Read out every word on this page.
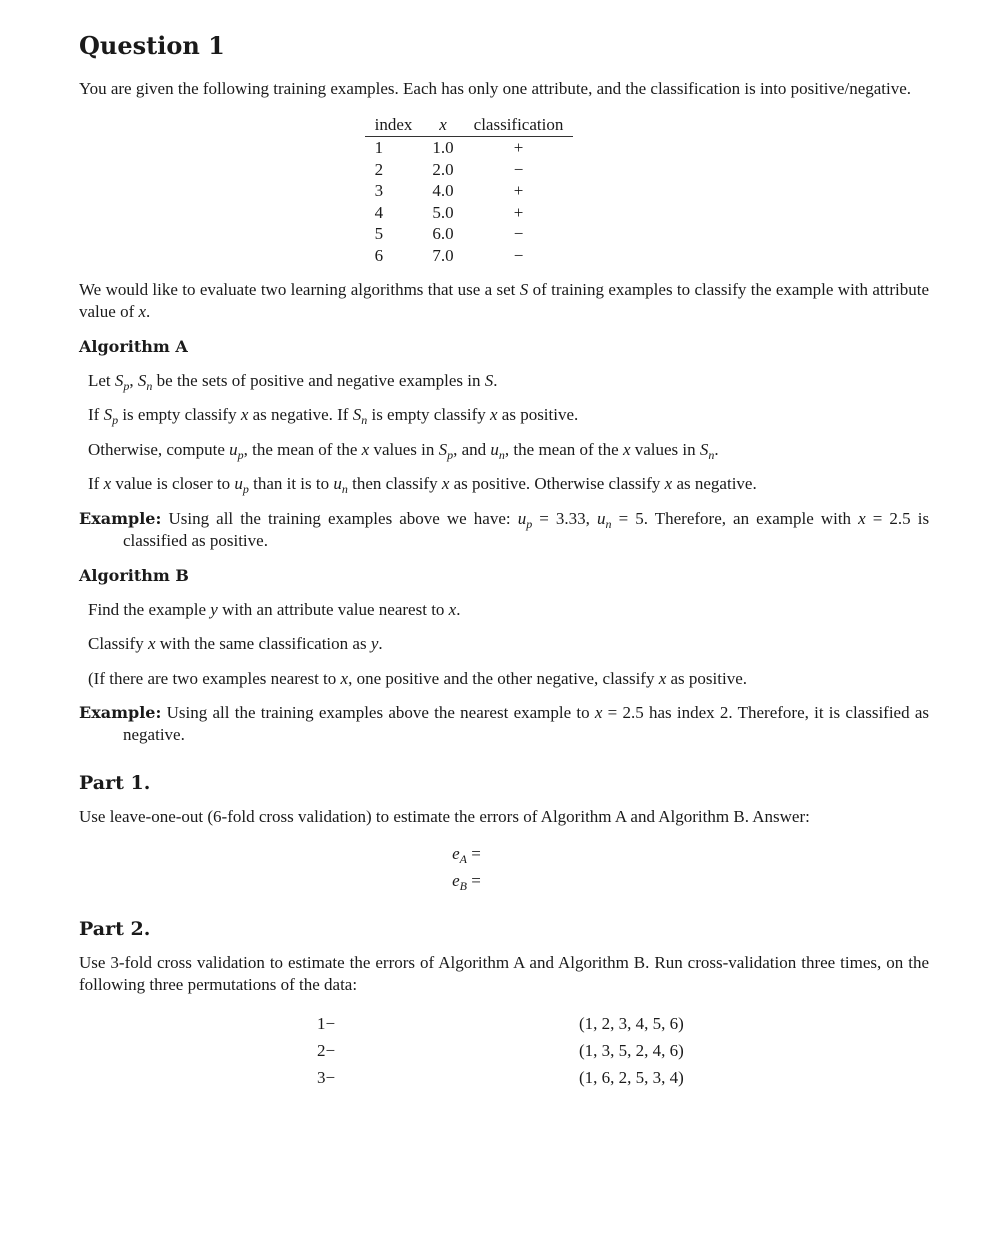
Question 1

You are given the following training examples. Each has only one attribute, and the classification is into positive/negative.

index	x	classification
1	1.0	+
2	2.0	−
3	4.0	+
4	5.0	+
5	6.0	−
6	7.0	−

We would like to evaluate two learning algorithms that use a set S of training examples to classify the example with attribute value of x.

Algorithm A
Let $S_p$, $S_n$ be the sets of positive and negative examples in S.
If $S_p$ is empty classify x as negative. If $S_n$ is empty classify x as positive.
Otherwise, compute $u_p$, the mean of the x values in $S_p$, and $u_n$, the mean of the x values in $S_n$.
If x value is closer to $u_p$ than it is to $u_n$ then classify x as positive. Otherwise classify x as negative.
Example: Using all the training examples above we have: $u_p = 3.33$, $u_n = 5$. Therefore, an example with x = 2.5 is classified as positive.
Algorithm B
Find the example y with an attribute value nearest to x.
Classify x with the same classification as y.
(If there are two examples nearest to x, one positive and the other negative, classify x as positive.
Example: Using all the training examples above the nearest example to x = 2.5 has index 2. Therefore, it is classified as negative.
Part 1.

Use leave-one-out (6-fold cross validation) to estimate the errors of Algorithm A and Algorithm B. Answer:

$e_A$ =
$e_B$ =
Part 2.

Use 3-fold cross validation to estimate the errors of Algorithm A and Algorithm B. Run cross-validation three times, on the following three permutations of the data:

1−	(1, 2, 3, 4, 5, 6)
2−	(1, 3, 5, 2, 4, 6)
3−	(1, 6, 2, 5, 3, 4)
